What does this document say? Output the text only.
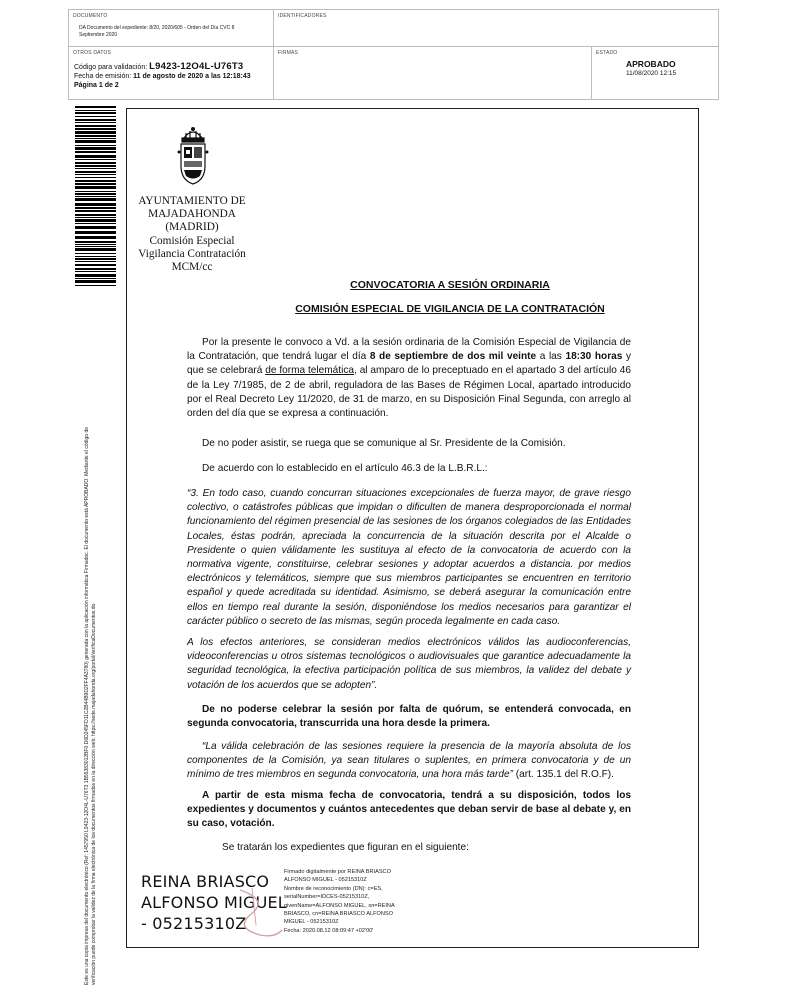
DOCUMENTO
DA Documento del expediente: 8/20, 2020/605 - Orden del Día CVC 8 Septiembre 2020
IDENTIFICADORES
OTROS DATOS
Código para validación: L9423-12O4L-U76T3
Fecha de emisión: 11 de agosto de 2020 a las 12:18:43
Página 1 de 2
FIRMAS	ESTADO
APROBADO
11/08/2020 12:15
Este es una copia impresa del documento electrónico (Ref: 1457950 L9423-12O4L-U76T3 1B55383012BF0 D6D245FD11C2B44B9D2FF4A3780) generada con la aplicación informática Firmadoc. El documento está APROBADO. Mediante el código de verificación puede comprobar la validez de la firma electrónica de los documentos firmados en la dirección web: https://sede.majadahonda.org/portal/verificaDocumentos.do
AYUNTAMIENTO DE
MAJADAHONDA
(MADRID)
Comisión Especial
Vigilancia Contratación
MCM/cc
CONVOCATORIA A SESIÓN ORDINARIA
COMISIÓN ESPECIAL DE VIGILANCIA DE LA CONTRATACIÓN
Por la presente le convoco a Vd. a la sesión ordinaria de la Comisión Especial de Vigilancia de la Contratación, que tendrá lugar el día 8 de septiembre de dos mil veinte a las 18:30 horas y que se celebrará de forma telemática, al amparo de lo preceptuado en el apartado 3 del artículo 46 de la Ley 7/1985, de 2 de abril, reguladora de las Bases de Régimen Local, apartado introducido por el Real Decreto Ley 11/2020, de 31 de marzo, en su Disposición Final Segunda, con arreglo al orden del día que se expresa a continuación.
De no poder asistir, se ruega que se comunique al Sr. Presidente de la Comisión.
De acuerdo con lo establecido en el artículo 46.3 de la L.B.R.L.:
“3. En todo caso, cuando concurran situaciones excepcionales de fuerza mayor, de grave riesgo colectivo, o catástrofes públicas que impidan o dificulten de manera desproporcionada el normal funcionamiento del régimen presencial de las sesiones de los órganos colegiados de las Entidades Locales, éstas podrán, apreciada la concurrencia de la situación descrita por el Alcalde o Presidente o quien válidamente les sustituya al efecto de la convocatoria de acuerdo con la normativa vigente, constituirse, celebrar sesiones y adoptar acuerdos a distancia. por medios electrónicos y telemáticos, siempre que sus miembros participantes se encuentren en territorio español y quede acreditada su identidad. Asimismo, se deberá asegurar la comunicación entre ellos en tiempo real durante la sesión, disponiéndose los medios necesarios para garantizar el carácter público o secreto de las mismas, según proceda legalmente en cada caso.
A los efectos anteriores, se consideran medios electrónicos válidos las audioconferencias, videoconferencias u otros sistemas tecnológicos o audiovisuales que garantice adecuadamente la seguridad tecnológica, la efectiva participación política de sus miembros, la validez del debate y votación de los acuerdos que se adopten”.
De no poderse celebrar la sesión por falta de quórum, se entenderá convocada, en segunda convocatoria, transcurrida una hora desde la primera.
“La válida celebración de las sesiones requiere la presencia de la mayoría absoluta de los componentes de la Comisión, ya sean titulares o suplentes, en primera convocatoria y de un mínimo de tres miembros en segunda convocatoria, una hora más tarde” (art. 135.1 del R.O.F).
A partir de esta misma fecha de convocatoria, tendrá a su disposición, todos los expedientes y documentos y cuántos antecedentes que deban servir de base al debate y, en su caso, votación.
Se tratarán los expedientes que figuran en el siguiente:
REINA BRIASCO
ALFONSO MIGUEL
- 05215310Z
Firmado digitalmente por REINA BRIASCO
ALFONSO MIGUEL - 05215310Z
Nombre de reconocimiento (DN): c=ES,
serialNumber=IDCES-05215310Z,
givenName=ALFONSO MIGUEL, sn=REINA
BRIASCO, cn=REINA BRIASCO ALFONSO
MIGUEL - 05215310Z
Fecha: 2020.08.12 08:09:47 +02'00'
